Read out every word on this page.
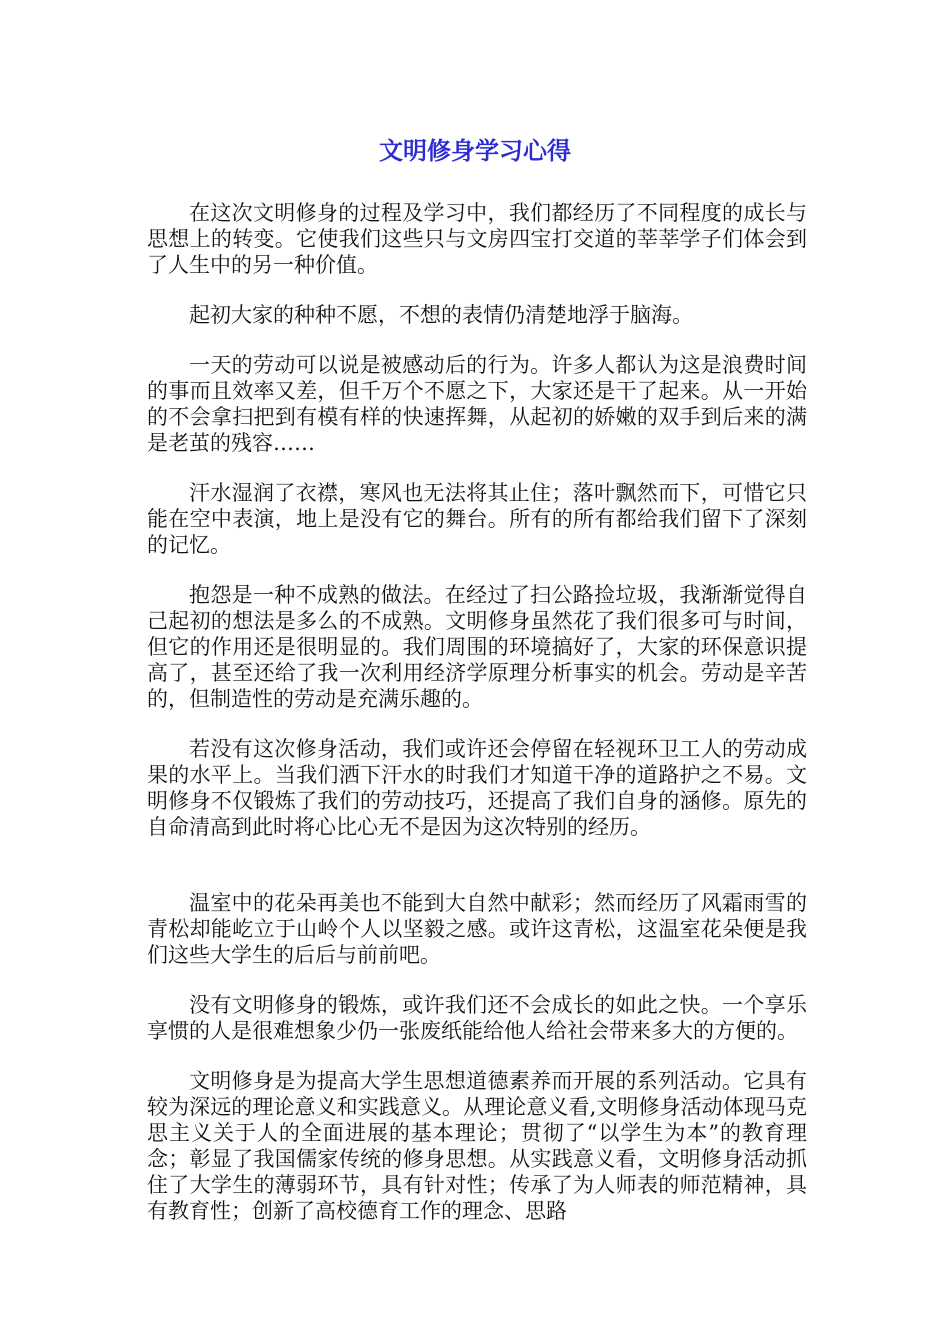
文明修身学习心得

在这次文明修身的过程及学习中，我们都经历了不同程度的成长与思想上的转变。它使我们这些只与文房四宝打交道的莘莘学子们体会到了人生中的另一种价值。

起初大家的种种不愿，不想的表情仍清楚地浮于脑海。

一天的劳动可以说是被感动后的行为。许多人都认为这是浪费时间的事而且效率又差，但千万个不愿之下，大家还是干了起来。从一开始的不会拿扫把到有模有样的快速挥舞，从起初的娇嫩的双手到后来的满是老茧的残容……

汗水湿润了衣襟，寒风也无法将其止住；落叶飘然而下，可惜它只能在空中表演，地上是没有它的舞台。所有的所有都给我们留下了深刻的记忆。

抱怨是一种不成熟的做法。在经过了扫公路捡垃圾，我渐渐觉得自己起初的想法是多么的不成熟。文明修身虽然花了我们很多可与时间，但它的作用还是很明显的。我们周围的环境搞好了，大家的环保意识提高了，甚至还给了我一次利用经济学原理分析事实的机会。劳动是辛苦的，但制造性的劳动是充满乐趣的。

若没有这次修身活动，我们或许还会停留在轻视环卫工人的劳动成果的水平上。当我们洒下汗水的时我们才知道干净的道路护之不易。文明修身不仅锻炼了我们的劳动技巧，还提高了我们自身的涵修。原先的自命清高到此时将心比心无不是因为这次特别的经历。

温室中的花朵再美也不能到大自然中献彩；然而经历了风霜雨雪的青松却能屹立于山岭个人以坚毅之感。或许这青松，这温室花朵便是我们这些大学生的后后与前前吧。

没有文明修身的锻炼，或许我们还不会成长的如此之快。一个享乐享惯的人是很难想象少仍一张废纸能给他人给社会带来多大的方便的。

文明修身是为提高大学生思想道德素养而开展的系列活动。它具有较为深远的理论意义和实践意义。从理论意义看,文明修身活动体现马克思主义关于人的全面进展的基本理论；贯彻了“以学生为本”的教育理念；彰显了我国儒家传统的修身思想。从实践意义看，文明修身活动抓住了大学生的薄弱环节，具有针对性；传承了为人师表的师范精神，具有教育性；创新了高校德育工作的理念、思路
